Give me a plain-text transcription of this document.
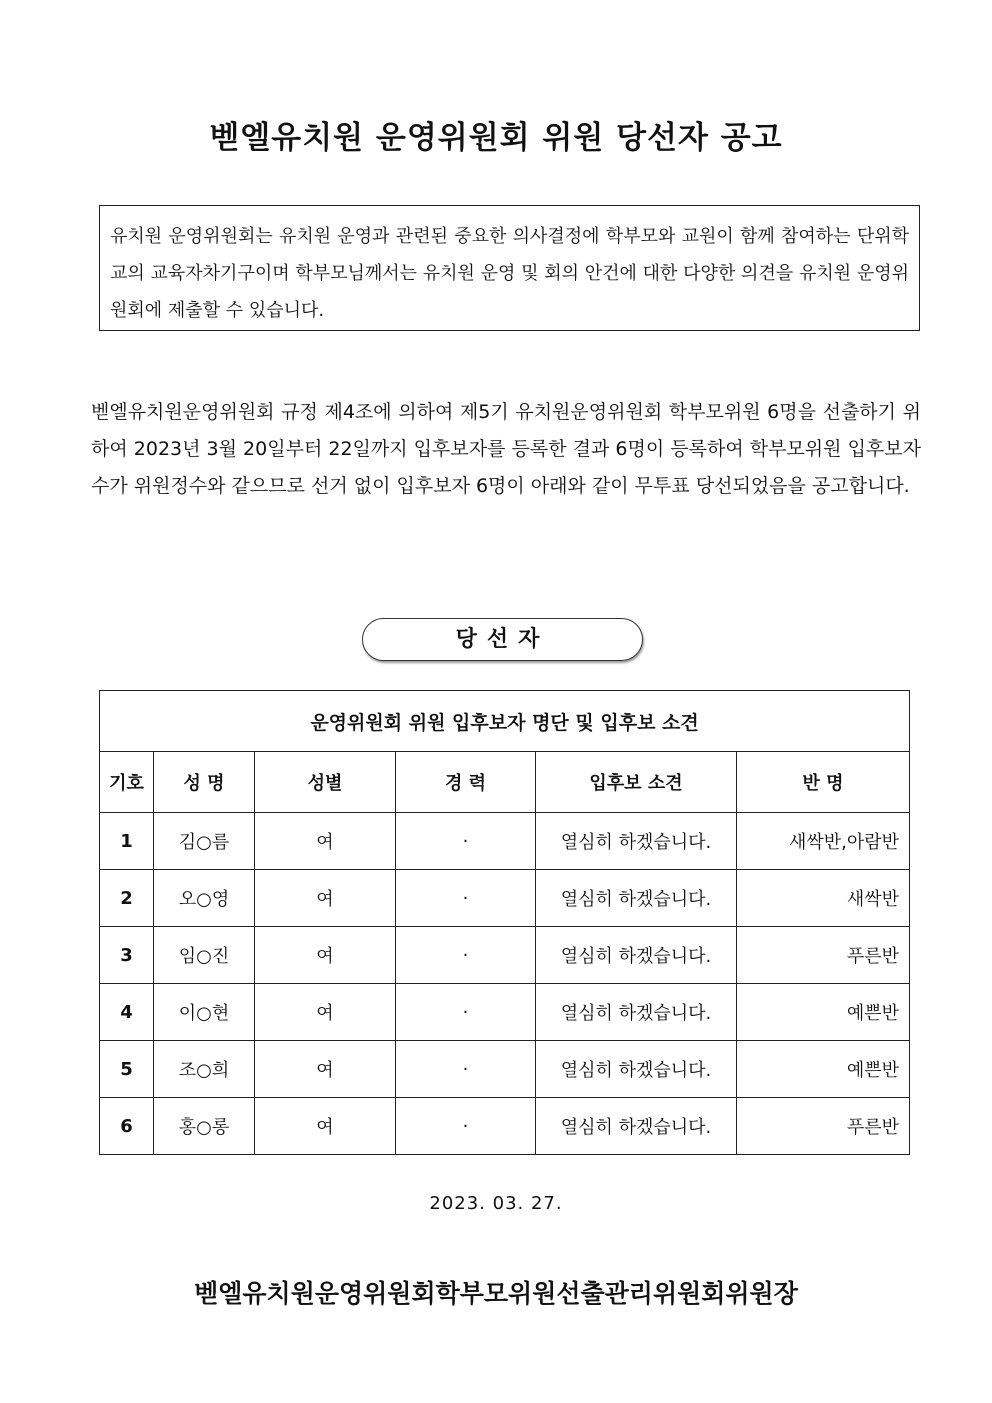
벧엘유치원 운영위원회 위원 당선자 공고
유치원 운영위원회는 유치원 운영과 관련된 중요한 의사결정에 학부모와 교원이 함께 참여하는 단위학교의 교육자차기구이며 학부모님께서는 유치원 운영 및 회의 안건에 대한 다양한 의견을 유치원 운영위원회에 제출할 수 있습니다.

벧엘유치원운영위원회 규정 제4조에 의하여 제5기 유치원운영위원회 학부모위원 6명을 선출하기 위하여 2023년 3월 20일부터 22일까지 입후보자를 등록한 결과 6명이 등록하여 학부모위원 입후보자 수가 위원정수와 같으므로 선거 없이 입후보자 6명이 아래와 같이 무투표 당선되었음을 공고합니다.

당선자
운영위원회 위원 입후보자 명단 및 입후보 소견					
기호	성 명	성별	경 력	입후보 소견	반 명
1	김○름	여	·	열심히 하겠습니다.	새싹반,아람반
2	오○영	여	·	열심히 하겠습니다.	새싹반
3	임○진	여	·	열심히 하겠습니다.	푸른반
4	이○현	여	·	열심히 하겠습니다.	예쁜반
5	조○희	여	·	열심히 하겠습니다.	예쁜반
6	홍○롱	여	·	열심히 하겠습니다.	푸른반
2023. 03. 27.
벧엘유치원운영위원회학부모위원선출관리위원회위원장
